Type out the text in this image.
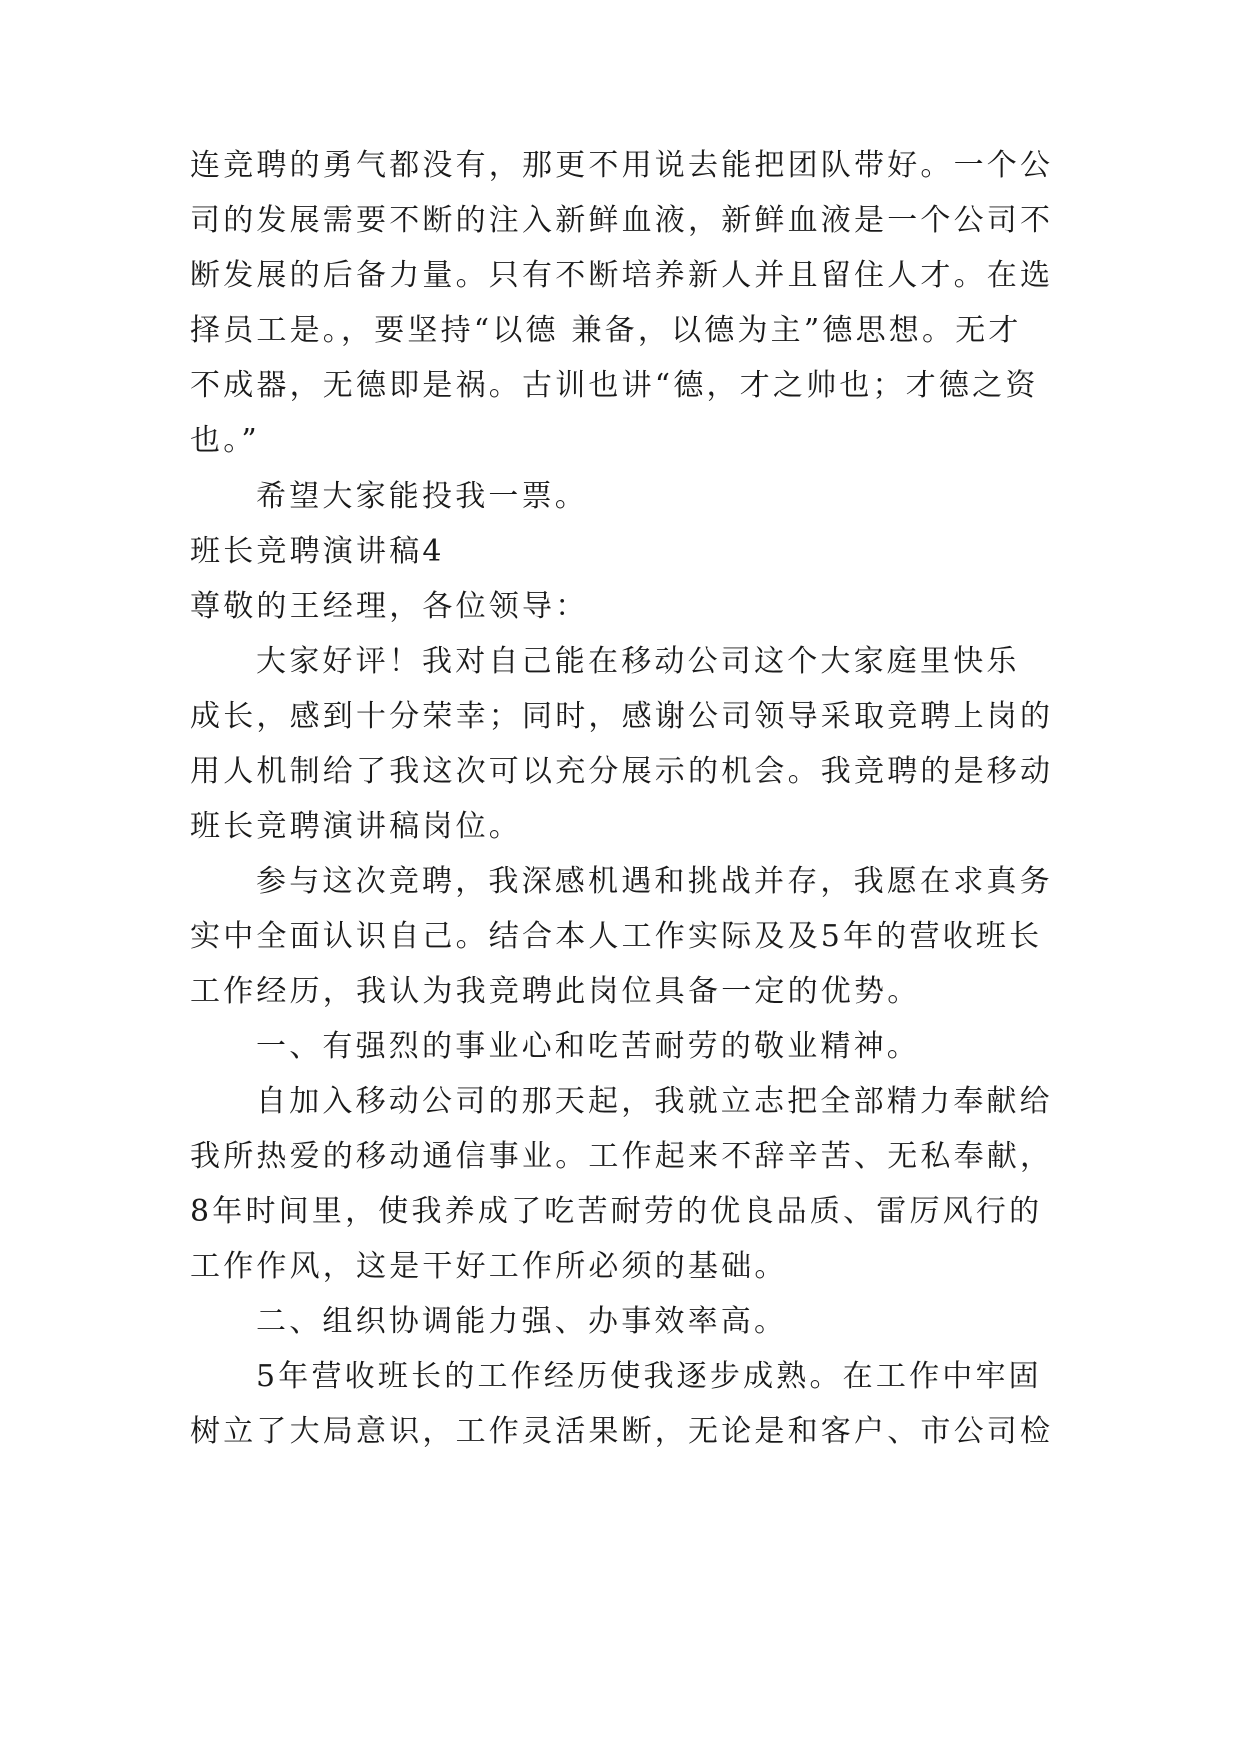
连竞聘的勇气都没有，那更不用说去能把团队带好。一个公
司的发展需要不断的注入新鲜血液，新鲜血液是一个公司不
断发展的后备力量。只有不断培养新人并且留住人才。在选
择员工是。，要坚持“以德 兼备，以德为主”德思想。无才
不成器，无德即是祸。古训也讲“德，才之帅也；才德之资
也。”
希望大家能投我一票。
班长竞聘演讲稿4
尊敬的王经理，各位领导：
大家好评！我对自己能在移动公司这个大家庭里快乐
成长，感到十分荣幸；同时，感谢公司领导采取竞聘上岗的
用人机制给了我这次可以充分展示的机会。我竞聘的是移动
班长竞聘演讲稿岗位。
参与这次竞聘，我深感机遇和挑战并存，我愿在求真务
实中全面认识自己。结合本人工作实际及及5年的营收班长
工作经历，我认为我竞聘此岗位具备一定的优势。
一、有强烈的事业心和吃苦耐劳的敬业精神。
自加入移动公司的那天起，我就立志把全部精力奉献给
我所热爱的移动通信事业。工作起来不辞辛苦、无私奉献，
8年时间里，使我养成了吃苦耐劳的优良品质、雷厉风行的
工作作风，这是干好工作所必须的基础。
二、组织协调能力强、办事效率高。
5年营收班长的工作经历使我逐步成熟。在工作中牢固
树立了大局意识，工作灵活果断，无论是和客户、市公司检
